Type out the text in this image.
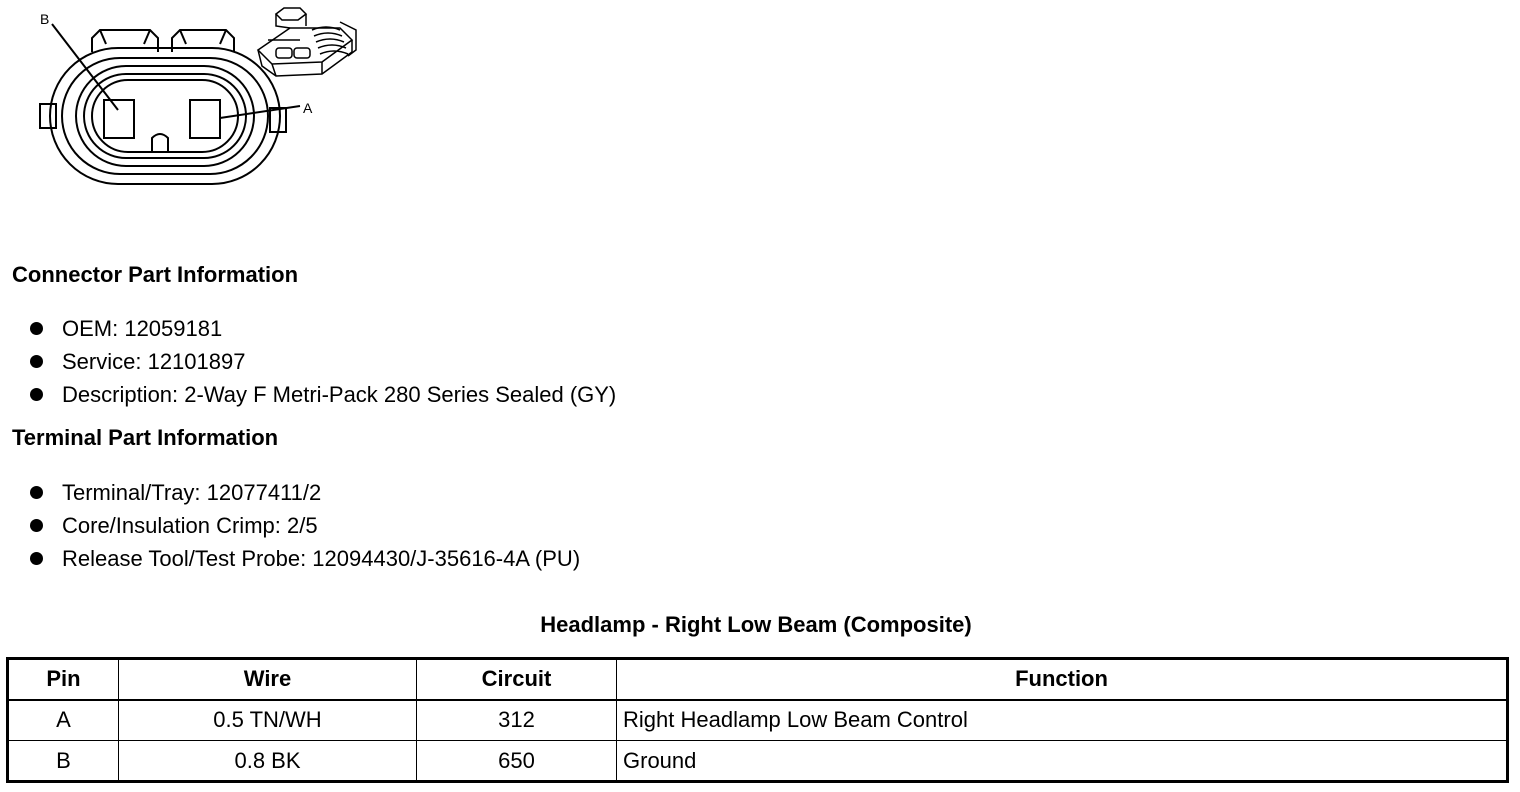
B
A
Connector Part Information
OEM: 12059181
Service: 12101897
Description: 2-Way F Metri-Pack 280 Series Sealed (GY)
Terminal Part Information
Terminal/Tray: 12077411/2
Core/Insulation Crimp: 2/5
Release Tool/Test Probe: 12094430/J-35616-4A (PU)
Headlamp - Right Low Beam (Composite)
Pin	Wire	Circuit	Function
A	0.5 TN/WH	312	Right Headlamp Low Beam Control
B	0.8 BK	650	Ground
